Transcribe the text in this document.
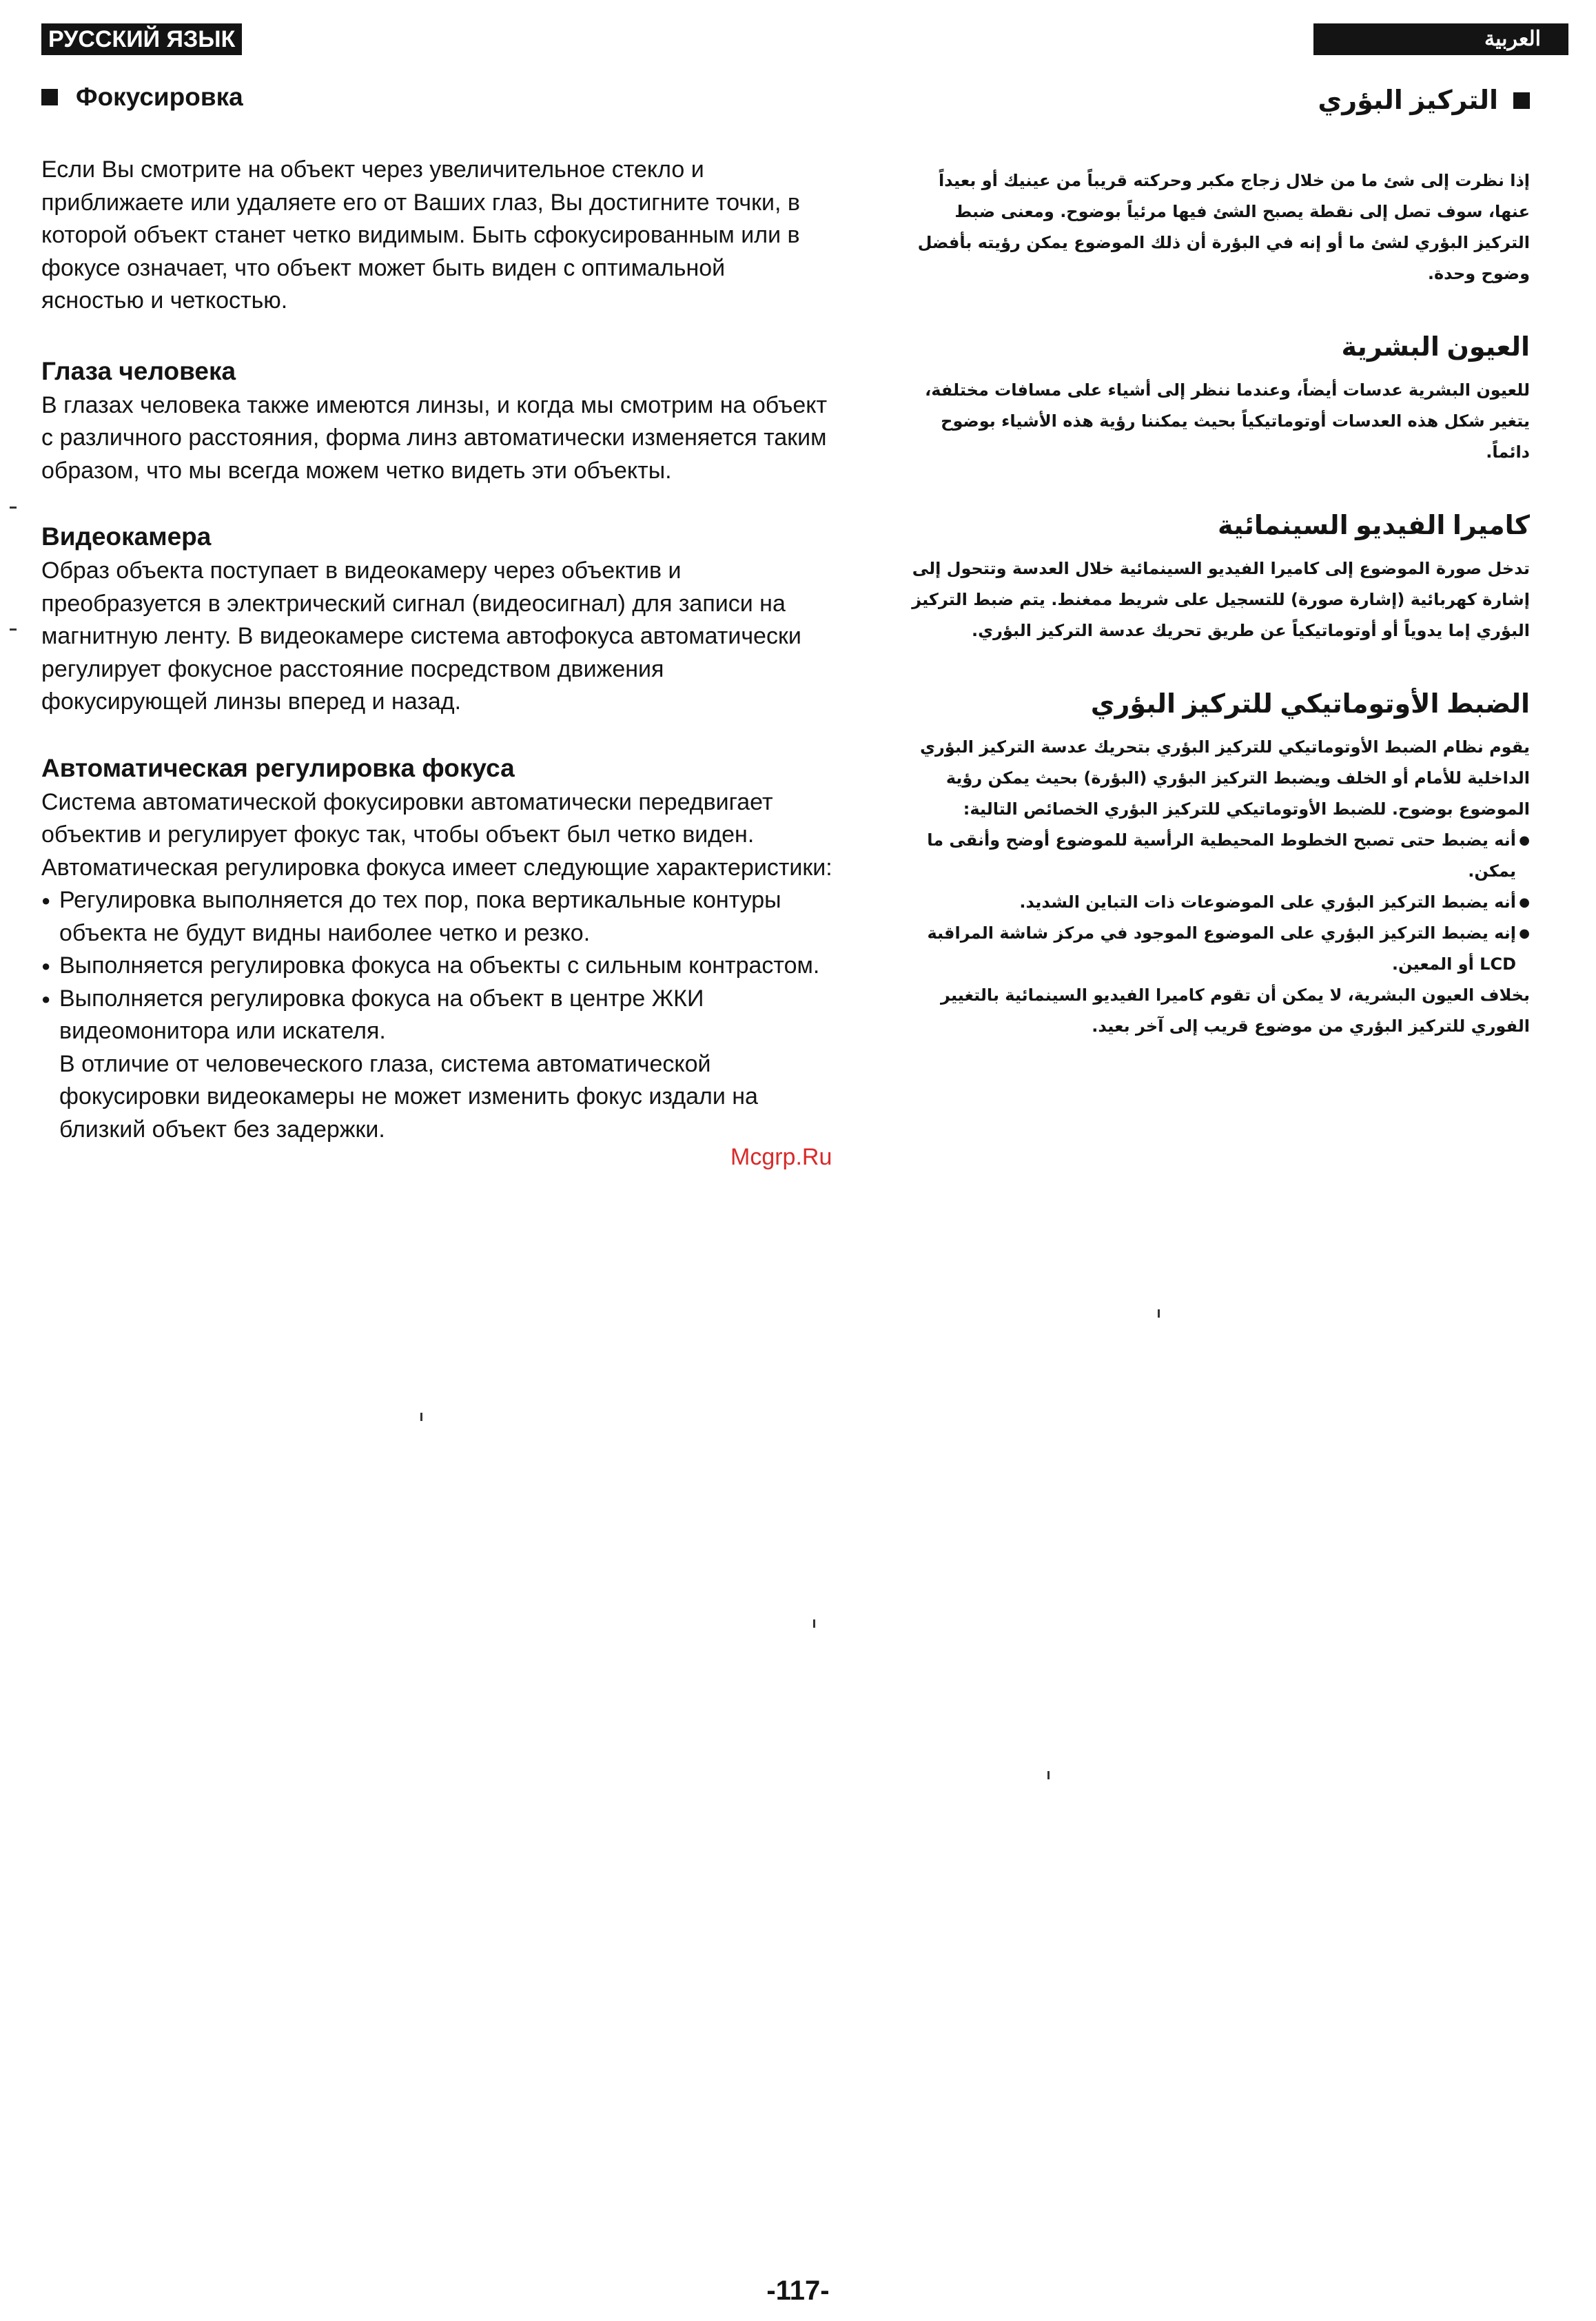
РУССКИЙ ЯЗЫК	العربية
Фокусировка

Если Вы смотрите на объект через увеличительное стекло и приближаете или удаляете его от Ваших глаз, Вы достигните точки, в которой объект станет четко видимым. Быть сфокусированным или в фокусе означает, что объект может быть виден с оптимальной ясностью и четкостью.

Глаза человека

В глазах человека также имеются линзы, и когда мы смотрим на объект с различного расстояния, форма линз автоматически изменяется таким образом, что мы всегда можем четко видеть эти объекты.

Видеокамера

Образ объекта поступает в видеокамеру через объектив и преобразуется в электрический сигнал (видеосигнал) для записи на магнитную ленту. В видеокамере система автофокуса автоматически регулирует фокусное расстояние посредством движения фокусирующей линзы вперед и назад.

Автоматическая регулировка фокуса

Система автоматической фокусировки автоматически передвигает объектив и регулирует фокус так, чтобы объект был четко виден. Автоматическая регулировка фокуса имеет следующие характеристики:

● Регулировка выполняется до тех пор, пока вертикальные контуры объекта не будут видны наиболее четко и резко.
● Выполняется регулировка фокуса на объекты с сильным контрастом.
● Выполняется регулировка фокуса на объект в центре ЖКИ видеомонитора или искателя.

В отличие от человеческого глаза, система автоматической фокусировки видеокамеры не может изменить фокус издали на близкий объект без задержки.

التركيز البؤري

إذا نظرت إلى شئ ما من خلال زجاج مكبر وحركته قريباً من عينيك أو بعيداً عنها، سوف تصل إلى نقطة يصبح الشئ فيها مرئياً بوضوح. ومعنى ضبط التركيز البؤري لشئ ما أو إنه في البؤرة أن ذلك الموضوع يمكن رؤيته بأفضل وضوح وحدة.

العيون البشرية

للعيون البشرية عدسات أيضاً، وعندما ننظر إلى أشياء على مسافات مختلفة، يتغير شكل هذه العدسات أوتوماتيكياً بحيث يمكننا رؤية هذه الأشياء بوضوح دائماً.

كاميرا الفيديو السينمائية

تدخل صورة الموضوع إلى كاميرا الفيديو السينمائية خلال العدسة وتتحول إلى إشارة كهربائية (إشارة صورة) للتسجيل على شريط ممغنط. يتم ضبط التركيز البؤري إما يدوياً أو أوتوماتيكياً عن طريق تحريك عدسة التركيز البؤري.

الضبط الأوتوماتيكي للتركيز البؤري

يقوم نظام الضبط الأوتوماتيكي للتركيز البؤري بتحريك عدسة التركيز البؤري الداخلية للأمام أو الخلف ويضبط التركيز البؤري (البؤرة) بحيث يمكن رؤية الموضوع بوضوح. للضبط الأوتوماتيكي للتركيز البؤري الخصائص التالية:

● أنه يضبط حتى تصبح الخطوط المحيطية الرأسية للموضوع أوضح وأنقى ما يمكن.
● أنه يضبط التركيز البؤري على الموضوعات ذات التباين الشديد.
● إنه يضبط التركيز البؤري على الموضوع الموجود في مركز شاشة المراقبة LCD أو المعين.

بخلاف العيون البشرية، لا يمكن أن تقوم كاميرا الفيديو السينمائية بالتغيير الفوري للتركيز البؤري من موضوع قريب إلى آخر بعيد.

Mcgrp.Ru
-117-
